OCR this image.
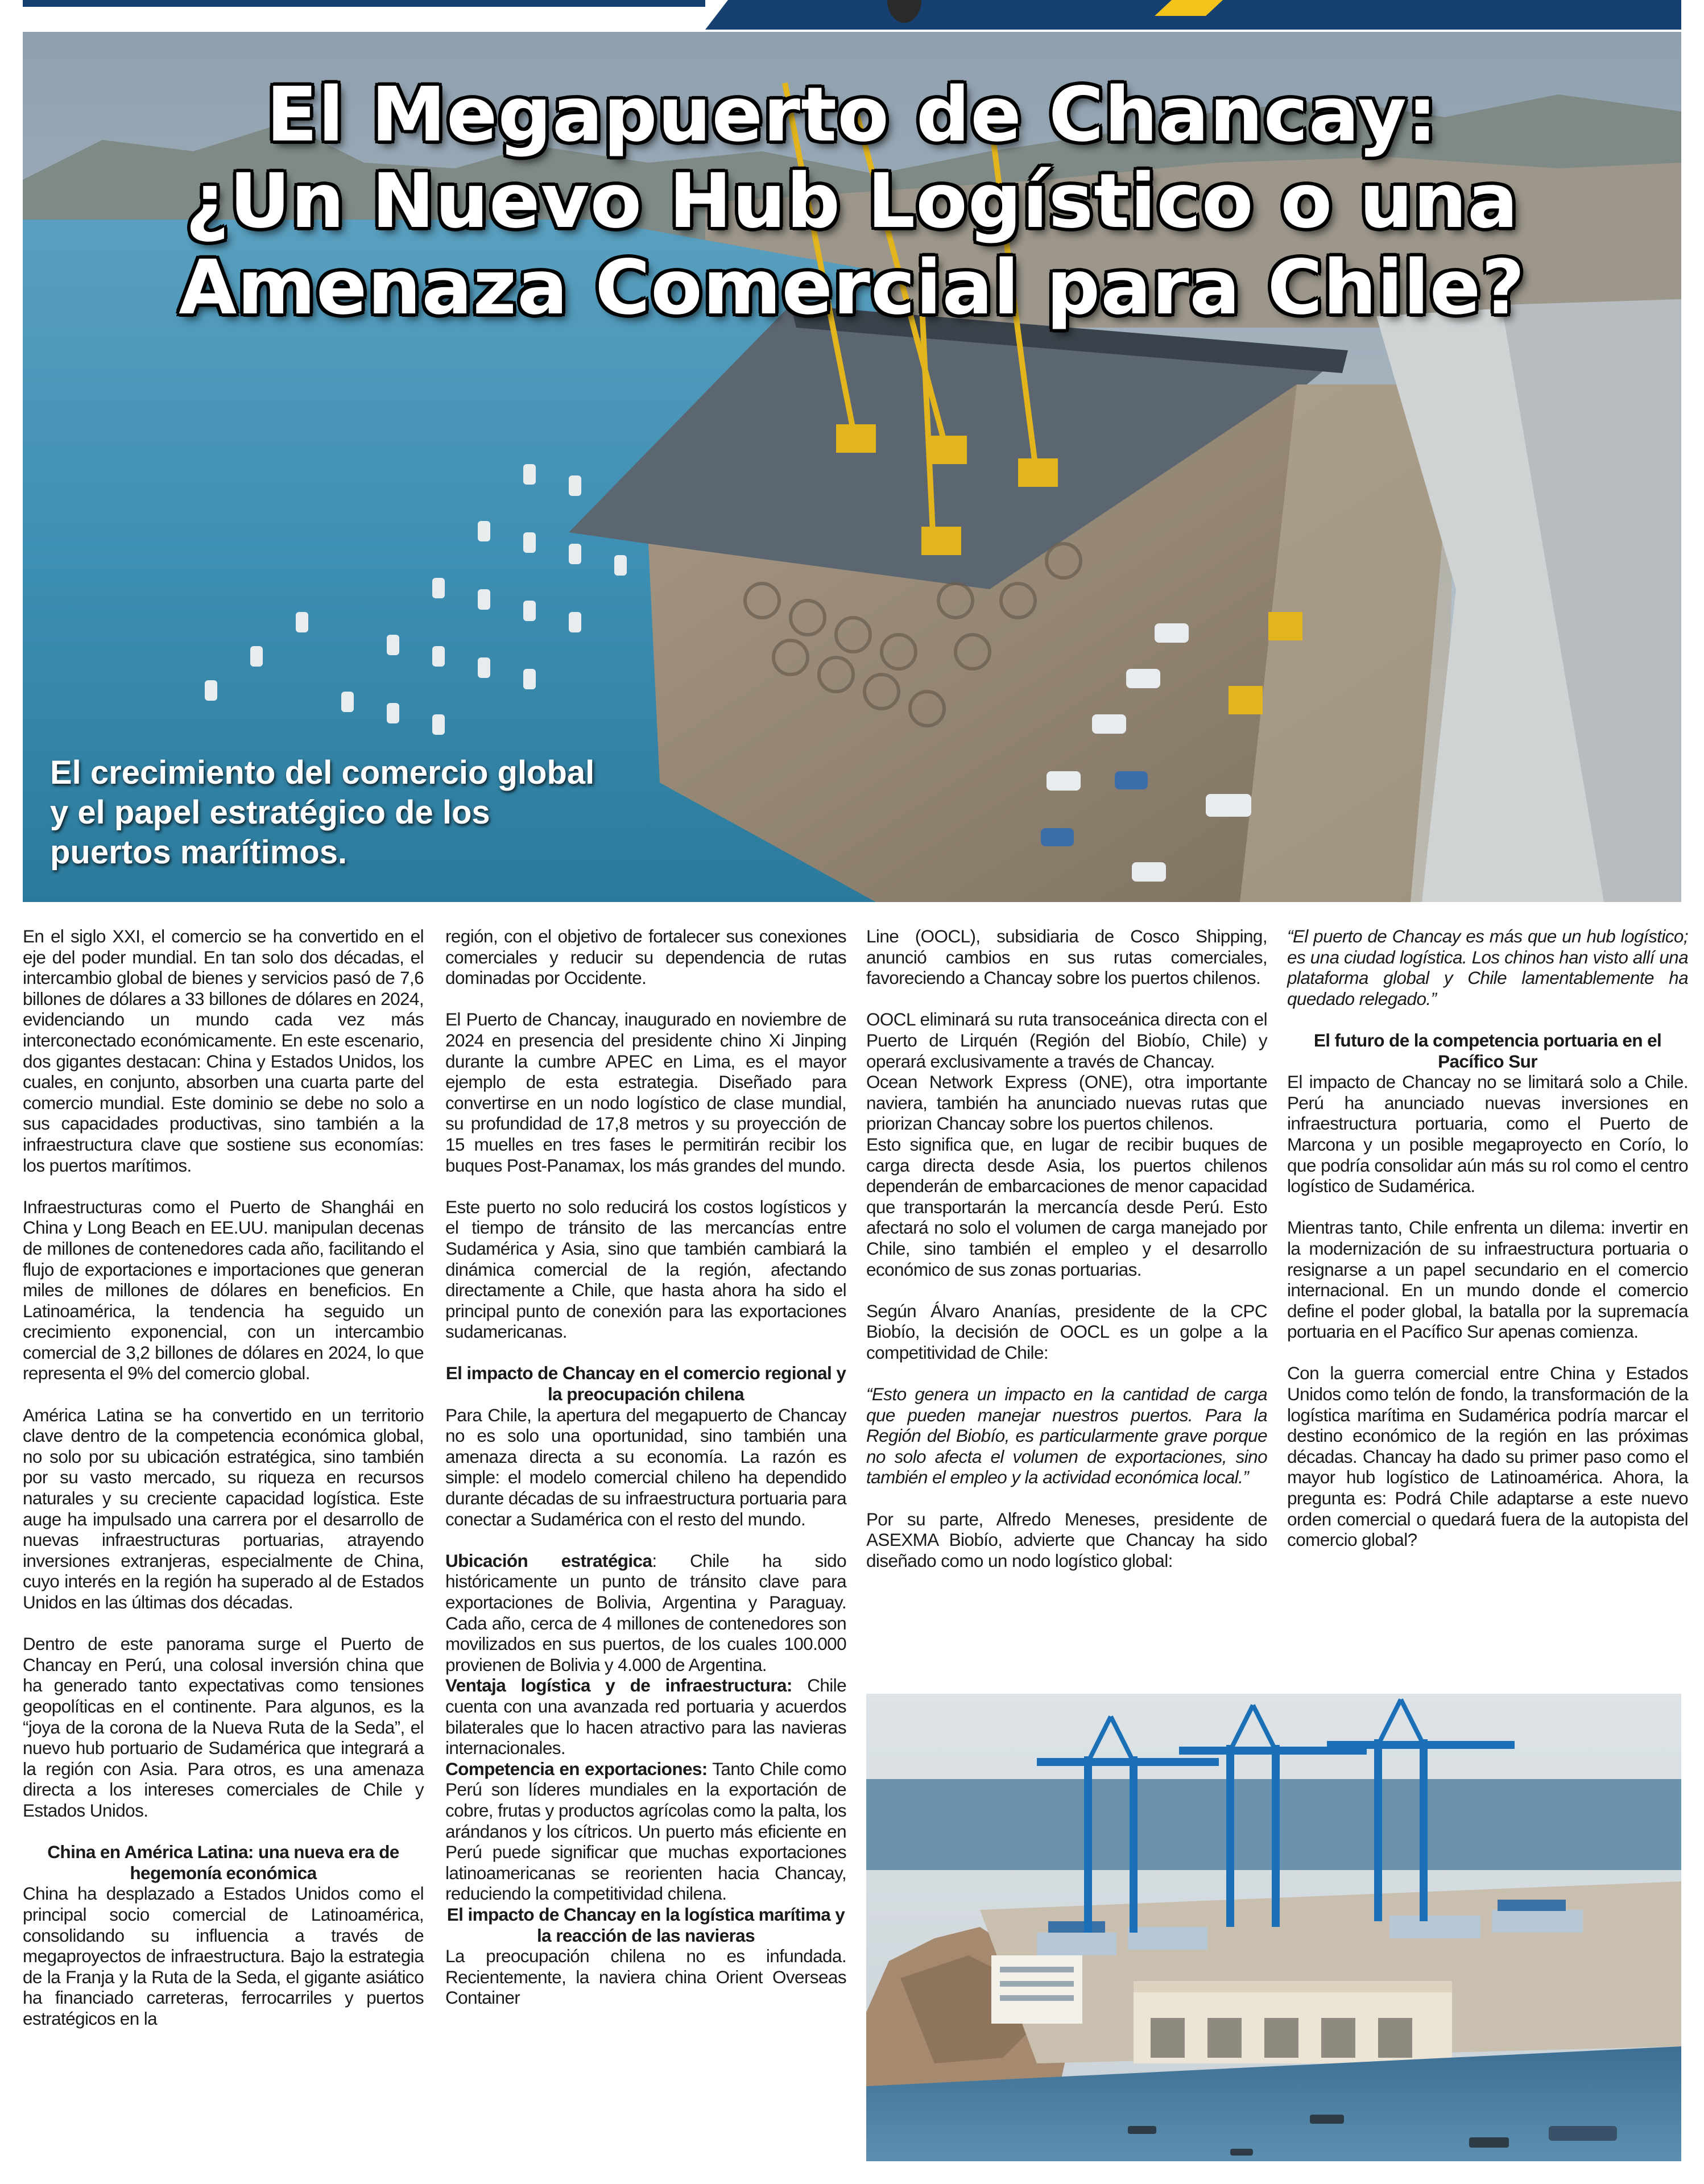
El Megapuerto de Chancay:
¿Un Nuevo Hub Logístico o una
Amenaza Comercial para Chile?
El crecimiento del comercio global
y el papel estratégico de los
puertos marítimos.

En el siglo XXI, el comercio se ha convertido en el eje del poder mundial. En tan solo dos décadas, el intercambio global de bienes y servicios pasó de 7,6 billones de dólares a 33 billones de dólares en 2024, evidenciando un mundo cada vez más interconectado económicamente. En este escenario, dos gigantes destacan: China y Estados Unidos, los cuales, en conjunto, absorben una cuarta parte del comercio mundial. Este dominio se debe no solo a sus capacidades productivas, sino también a la infraestructura clave que sostiene sus economías: los puertos marítimos.

Infraestructuras como el Puerto de Shanghái en China y Long Beach en EE.UU. manipulan decenas de millones de contenedores cada año, facilitando el flujo de exportaciones e importaciones que generan miles de millones de dólares en beneficios. En Latinoamérica, la tendencia ha seguido un crecimiento exponencial, con un intercambio comercial de 3,2 billones de dólares en 2024, lo que representa el 9% del comercio global.

América Latina se ha convertido en un territorio clave dentro de la competencia económica global, no solo por su ubicación estratégica, sino también por su vasto mercado, su riqueza en recursos naturales y su creciente capacidad logística. Este auge ha impulsado una carrera por el desarrollo de nuevas infraestructuras portuarias, atrayendo inversiones extranjeras, especialmente de China, cuyo interés en la región ha superado al de Estados Unidos en las últimas dos décadas.

Dentro de este panorama surge el Puerto de Chancay en Perú, una colosal inversión china que ha generado tanto expectativas como tensiones geopolíticas en el continente. Para algunos, es la “joya de la corona de la Nueva Ruta de la Seda”, el nuevo hub portuario de Sudamérica que integrará a la región con Asia. Para otros, es una amenaza directa a los intereses comerciales de Chile y Estados Unidos.

China en América Latina: una nueva era de hegemonía económica

China ha desplazado a Estados Unidos como el principal socio comercial de Latinoamérica, consolidando su influencia a través de megaproyectos de infraestructura. Bajo la estrategia de la Franja y la Ruta de la Seda, el gigante asiático ha financiado carreteras, ferrocarriles y puertos estratégicos en la

región, con el objetivo de fortalecer sus conexiones comerciales y reducir su dependencia de rutas dominadas por Occidente.

El Puerto de Chancay, inaugurado en noviembre de 2024 en presencia del presidente chino Xi Jinping durante la cumbre APEC en Lima, es el mayor ejemplo de esta estrategia. Diseñado para convertirse en un nodo logístico de clase mundial, su profundidad de 17,8 metros y su proyección de 15 muelles en tres fases le permitirán recibir los buques Post-Panamax, los más grandes del mundo.

Este puerto no solo reducirá los costos logísticos y el tiempo de tránsito de las mercancías entre Sudamérica y Asia, sino que también cambiará la dinámica comercial de la región, afectando directamente a Chile, que hasta ahora ha sido el principal punto de conexión para las exportaciones sudamericanas.

El impacto de Chancay en el comercio regional y la preocupación chilena

Para Chile, la apertura del megapuerto de Chancay no es solo una oportunidad, sino también una amenaza directa a su economía. La razón es simple: el modelo comercial chileno ha dependido durante décadas de su infraestructura portuaria para conectar a Sudamérica con el resto del mundo.

Ubicación estratégica: Chile ha sido históricamente un punto de tránsito clave para exportaciones de Bolivia, Argentina y Paraguay. Cada año, cerca de 4 millones de contenedores son movilizados en sus puertos, de los cuales 100.000 provienen de Bolivia y 4.000 de Argentina.

Ventaja logística y de infraestructura: Chile cuenta con una avanzada red portuaria y acuerdos bilaterales que lo hacen atractivo para las navieras internacionales.

Competencia en exportaciones: Tanto Chile como Perú son líderes mundiales en la exportación de cobre, frutas y productos agrícolas como la palta, los arándanos y los cítricos. Un puerto más eficiente en Perú puede significar que muchas exportaciones latinoamericanas se reorienten hacia Chancay, reduciendo la competitividad chilena.

El impacto de Chancay en la logística marítima y la reacción de las navieras

La preocupación chilena no es infundada. Recientemente, la naviera china Orient Overseas Container

Line (OOCL), subsidiaria de Cosco Shipping, anunció cambios en sus rutas comerciales, favoreciendo a Chancay sobre los puertos chilenos.

OOCL eliminará su ruta transoceánica directa con el Puerto de Lirquén (Región del Biobío, Chile) y operará exclusivamente a través de Chancay.

Ocean Network Express (ONE), otra importante naviera, también ha anunciado nuevas rutas que priorizan Chancay sobre los puertos chilenos.

Esto significa que, en lugar de recibir buques de carga directa desde Asia, los puertos chilenos dependerán de embarcaciones de menor capacidad que transportarán la mercancía desde Perú. Esto afectará no solo el volumen de carga manejado por Chile, sino también el empleo y el desarrollo económico de sus zonas portuarias.

Según Álvaro Ananías, presidente de la CPC Biobío, la decisión de OOCL es un golpe a la competitividad de Chile:

“Esto genera un impacto en la cantidad de carga que pueden manejar nuestros puertos. Para la Región del Biobío, es particularmente grave porque no solo afecta el volumen de exportaciones, sino también el empleo y la actividad económica local.”

Por su parte, Alfredo Meneses, presidente de ASEXMA Biobío, advierte que Chancay ha sido diseñado como un nodo logístico global:

“El puerto de Chancay es más que un hub logístico; es una ciudad logística. Los chinos han visto allí una plataforma global y Chile lamentablemente ha quedado relegado.”

El futuro de la competencia portuaria en el Pacífico Sur

El impacto de Chancay no se limitará solo a Chile. Perú ha anunciado nuevas inversiones en infraestructura portuaria, como el Puerto de Marcona y un posible megaproyecto en Corío, lo que podría consolidar aún más su rol como el centro logístico de Sudamérica.

Mientras tanto, Chile enfrenta un dilema: invertir en la modernización de su infraestructura portuaria o resignarse a un papel secundario en el comercio internacional. En un mundo donde el comercio define el poder global, la batalla por la supremacía portuaria en el Pacífico Sur apenas comienza.

Con la guerra comercial entre China y Estados Unidos como telón de fondo, la transformación de la logística marítima en Sudamérica podría marcar el destino económico de la región en las próximas décadas. Chancay ha dado su primer paso como el mayor hub logístico de Latinoamérica. Ahora, la pregunta es: Podrá Chile adaptarse a este nuevo orden comercial o quedará fuera de la autopista del comercio global?
